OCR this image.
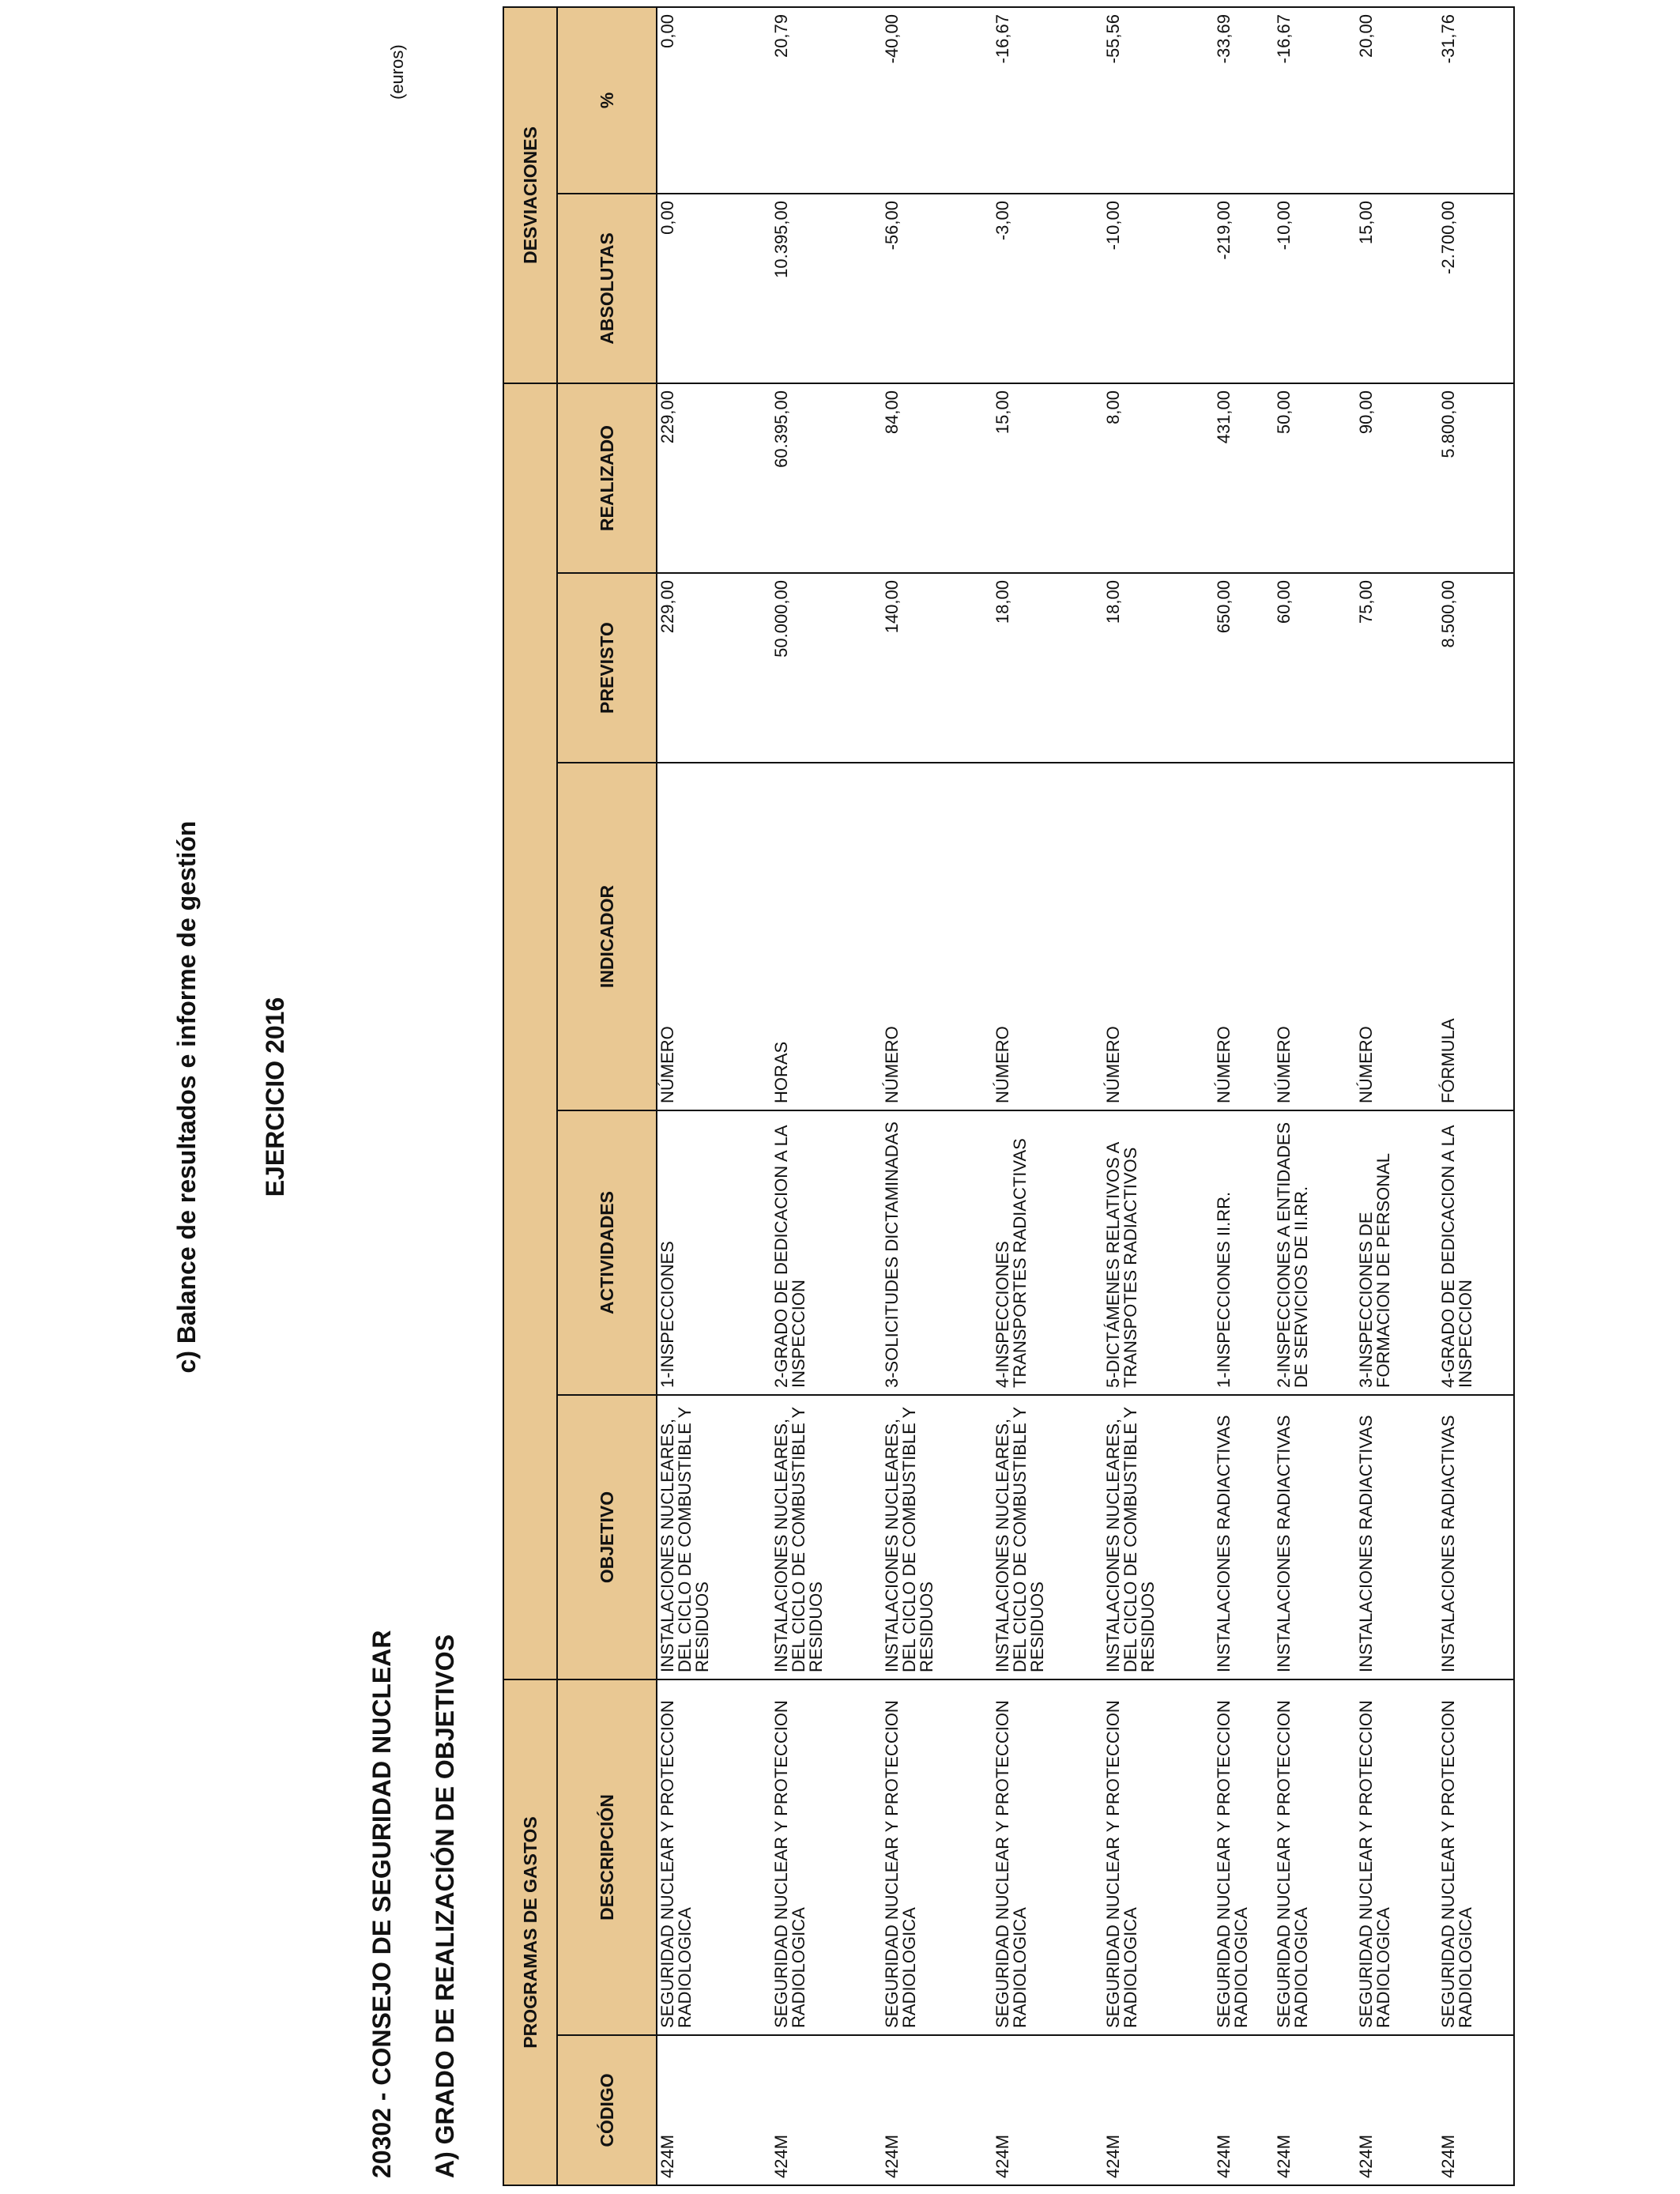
c) Balance de resultados e informe de gestión EJERCICIO 2016
(euros)
20302 - CONSEJO DE SEGURIDAD NUCLEAR A) GRADO DE REALIZACIÓN DE OBJETIVOS	PROGRAMAS DE GASTOS							DESVIACIONES	
CÓDIGO	DESCRIPCIÓN	OBJETIVO	ACTIVIDADES	INDICADOR	PREVISTO	REALIZADO	ABSOLUTAS	%
424M	SEGURIDAD NUCLEAR Y PROTECCION RADIOLOGICA	INSTALACIONES NUCLEARES, DEL CICLO DE COMBUSTIBLE Y RESIDUOS	1-INSPECCIONES	NÚMERO	229,00	229,00	0,00	0,00
424M	SEGURIDAD NUCLEAR Y PROTECCION RADIOLOGICA	INSTALACIONES NUCLEARES, DEL CICLO DE COMBUSTIBLE Y RESIDUOS	2-GRADO DE DEDICACION A LA INSPECCION	HORAS	50.000,00	60.395,00	10.395,00	20,79
424M	SEGURIDAD NUCLEAR Y PROTECCION RADIOLOGICA	INSTALACIONES NUCLEARES, DEL CICLO DE COMBUSTIBLE Y RESIDUOS	3-SOLICITUDES DICTAMINADAS	NÚMERO	140,00	84,00	-56,00	-40,00
424M	SEGURIDAD NUCLEAR Y PROTECCION RADIOLOGICA	INSTALACIONES NUCLEARES, DEL CICLO DE COMBUSTIBLE Y RESIDUOS	4-INSPECCIONES TRANSPORTES RADIACTIVAS	NÚMERO	18,00	15,00	-3,00	-16,67
424M	SEGURIDAD NUCLEAR Y PROTECCION RADIOLOGICA	INSTALACIONES NUCLEARES, DEL CICLO DE COMBUSTIBLE Y RESIDUOS	5-DICTÁMENES RELATIVOS A TRANSPOTES RADIACTIVOS	NÚMERO	18,00	8,00	-10,00	-55,56
424M	SEGURIDAD NUCLEAR Y PROTECCION RADIOLOGICA	INSTALACIONES RADIACTIVAS	1-INSPECCIONES II.RR.	NÚMERO	650,00	431,00	-219,00	-33,69
424M	SEGURIDAD NUCLEAR Y PROTECCION RADIOLOGICA	INSTALACIONES RADIACTIVAS	2-INSPECCIONES A ENTIDADES DE SERVICIOS DE II.RR.	NÚMERO	60,00	50,00	-10,00	-16,67
424M	SEGURIDAD NUCLEAR Y PROTECCION RADIOLOGICA	INSTALACIONES RADIACTIVAS	3-INSPECCIONES DE FORMACION DE PERSONAL	NÚMERO	75,00	90,00	15,00	20,00
424M	SEGURIDAD NUCLEAR Y PROTECCION RADIOLOGICA	INSTALACIONES RADIACTIVAS	4-GRADO DE DEDICACION A LA INSPECCION	FÓRMULA	8.500,00	5.800,00	-2.700,00	-31,76
